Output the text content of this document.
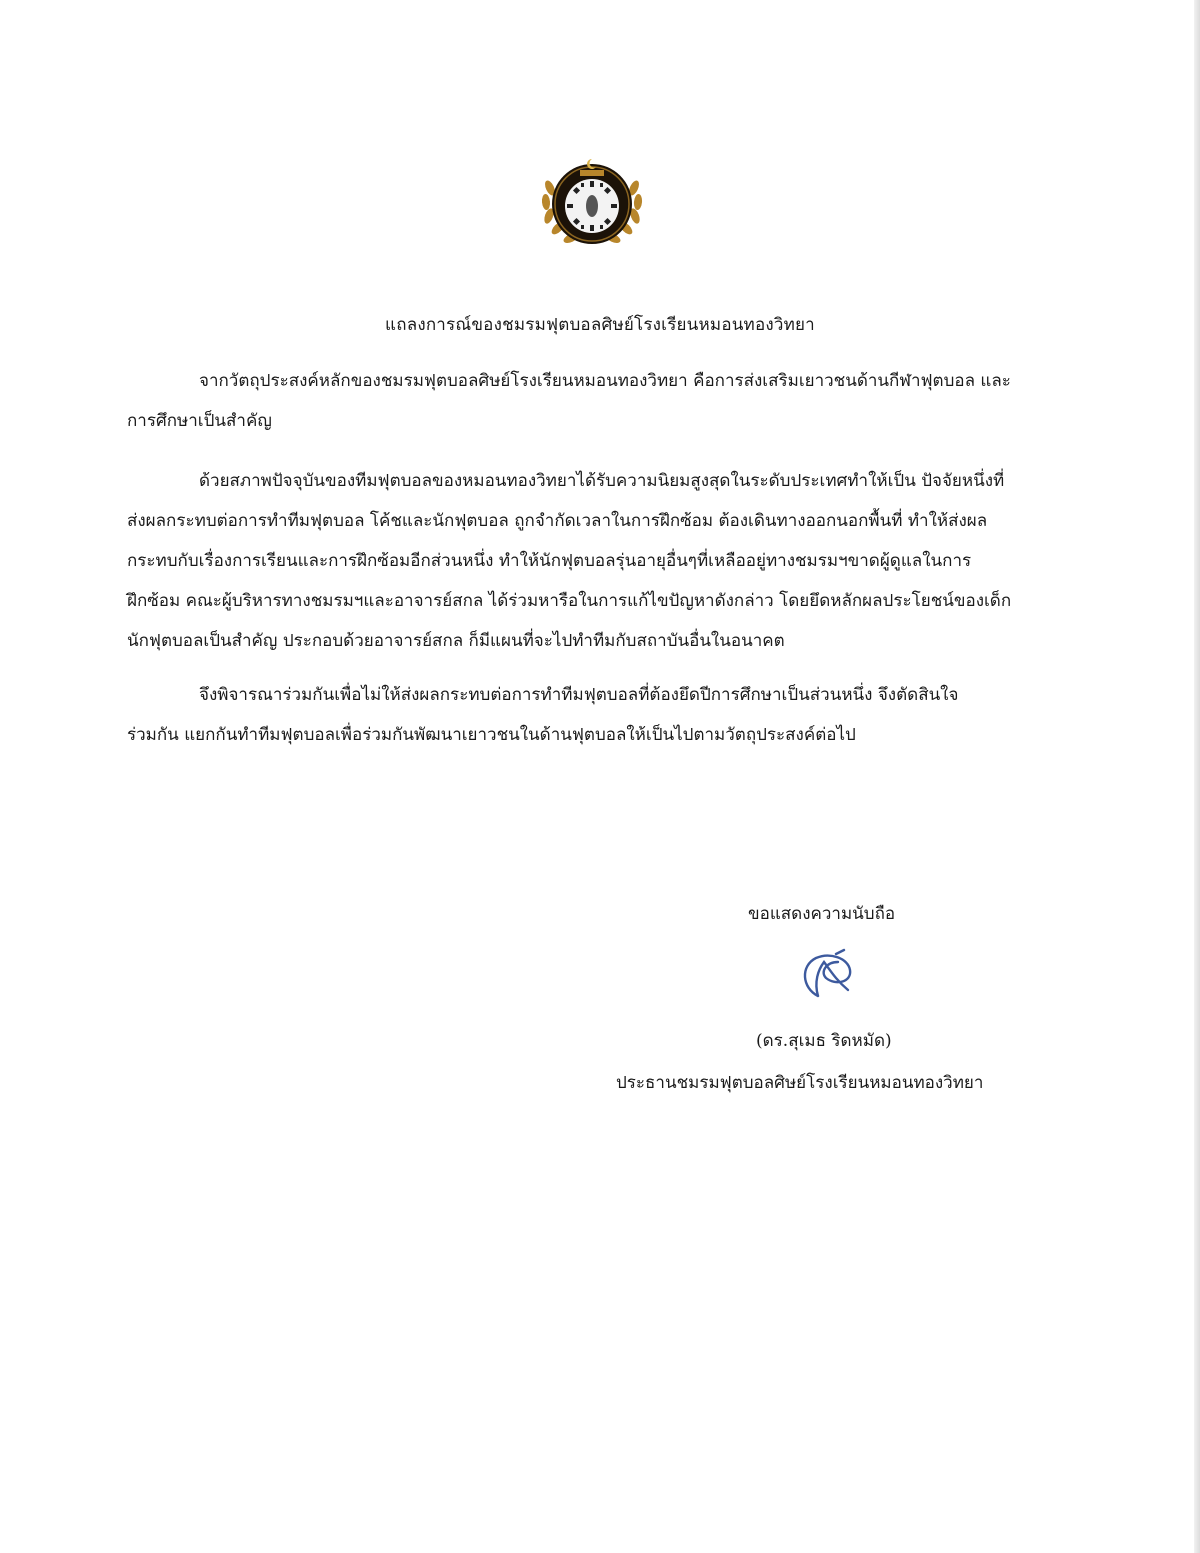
แถลงการณ์ของชมรมฟุตบอลศิษย์โรงเรียนหมอนทองวิทยา
จากวัตถุประสงค์หลักของชมรมฟุตบอลศิษย์โรงเรียนหมอนทองวิทยา คือการส่งเสริมเยาวชนด้านกีฬาฟุตบอล และ
การศึกษาเป็นสำคัญ
ด้วยสภาพปัจจุบันของทีมฟุตบอลของหมอนทองวิทยาได้รับความนิยมสูงสุดในระดับประเทศทำให้เป็น ปัจจัยหนึ่งที่
ส่งผลกระทบต่อการทำทีมฟุตบอล โค้ชและนักฟุตบอล ถูกจำกัดเวลาในการฝึกซ้อม ต้องเดินทางออกนอกพื้นที่ ทำให้ส่งผล
กระทบกับเรื่องการเรียนและการฝึกซ้อมอีกส่วนหนึ่ง ทำให้นักฟุตบอลรุ่นอายุอื่นๆที่เหลืออยู่ทางชมรมฯขาดผู้ดูแลในการ
ฝึกซ้อม คณะผู้บริหารทางชมรมฯและอาจารย์สกล ได้ร่วมหารือในการแก้ไขปัญหาดังกล่าว โดยยึดหลักผลประโยชน์ของเด็ก
นักฟุตบอลเป็นสำคัญ ประกอบด้วยอาจารย์สกล ก็มีแผนที่จะไปทำทีมกับสถาบันอื่นในอนาคต
จึงพิจารณาร่วมกันเพื่อไม่ให้ส่งผลกระทบต่อการทำทีมฟุตบอลที่ต้องยึดปีการศึกษาเป็นส่วนหนึ่ง จึงตัดสินใจ
ร่วมกัน แยกกันทำทีมฟุตบอลเพื่อร่วมกันพัฒนาเยาวชนในด้านฟุตบอลให้เป็นไปตามวัตถุประสงค์ต่อไป
ขอแสดงความนับถือ
(ดร.สุเมธ ริดหมัด)
ประธานชมรมฟุตบอลศิษย์โรงเรียนหมอนทองวิทยา
